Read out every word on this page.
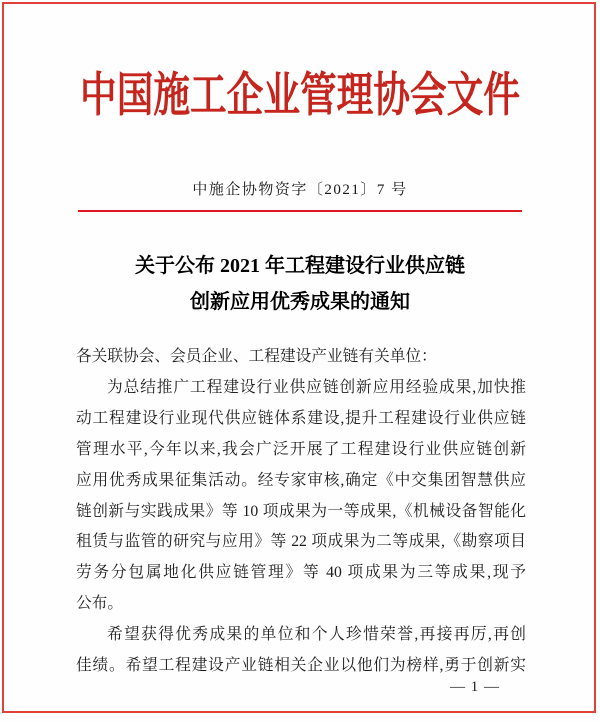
中国施工企业管理协会文件
中施企协物资字〔2021〕7 号
关于公布 2021 年工程建设行业供应链
创新应用优秀成果的通知
各关联协会、会员企业、工程建设产业链有关单位：
为总结推广工程建设行业供应链创新应用经验成果,加快推
动工程建设行业现代供应链体系建设,提升工程建设行业供应链
管理水平,今年以来,我会广泛开展了工程建设行业供应链创新
应用优秀成果征集活动。经专家审核,确定《中交集团智慧供应
链创新与实践成果》等 10 项成果为一等成果,《机械设备智能化
租赁与监管的研究与应用》等 22 项成果为二等成果,《勘察项目
劳务分包属地化供应链管理》等 40 项成果为三等成果,现予
公布。
希望获得优秀成果的单位和个人珍惜荣誉,再接再厉,再创
佳绩。希望工程建设产业链相关企业以他们为榜样,勇于创新实
— 1 —
